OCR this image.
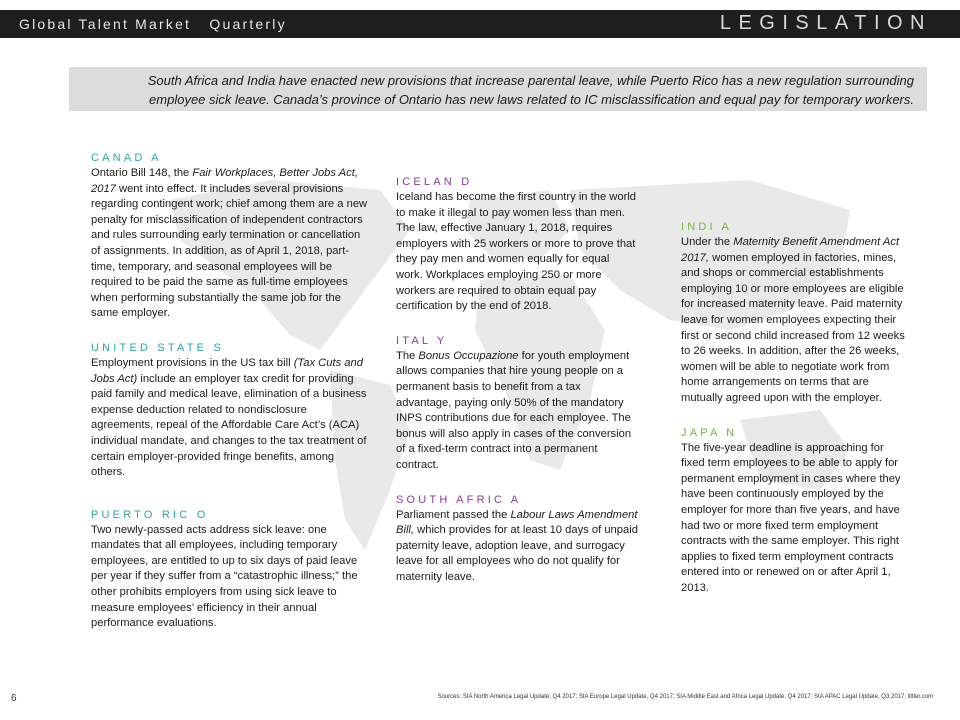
Global Talent Market   Quarterly	LEGISLATION

South Africa and India have enacted new provisions that increase parental leave, while Puerto Rico has a new regulation surrounding employee sick leave. Canada’s province of Ontario has new laws related to IC misclassification and equal pay for temporary workers.

CANAD A

Ontario Bill 148, the Fair Workplaces, Better Jobs Act, 2017 went into effect. It includes several provisions regarding contingent work; chief among them are a new penalty for misclassification of independent contractors and rules surrounding early termination or cancellation of assignments. In addition, as of April 1, 2018, part-time, temporary, and seasonal employees will be required to be paid the same as full-time employees when performing substantially the same job for the same employer.

UNITED STATE S

Employment provisions in the US tax bill (Tax Cuts and Jobs Act) include an employer tax credit for providing paid family and medical leave, elimination of a business expense deduction related to nondisclosure agreements, repeal of the Affordable Care Act’s (ACA) individual mandate, and changes to the tax treatment of certain employer-provided fringe benefits, among others.

PUERTO RIC O

Two newly-passed acts address sick leave: one mandates that all employees, including temporary employees, are entitled to up to six days of paid leave per year if they suffer from a “catastrophic illness;” the other prohibits employers from using sick leave to measure employees’ efficiency in their annual performance evaluations.

ICELAN D

Iceland has become the first country in the world to make it illegal to pay women less than men. The law, effective January 1, 2018, requires employers with 25 workers or more to prove that they pay men and women equally for equal work. Workplaces employing 250 or more workers are required to obtain equal pay certification by the end of 2018.

ITAL Y

The Bonus Occupazione for youth employment allows companies that hire young people on a permanent basis to benefit from a tax advantage, paying only 50% of the mandatory INPS contributions due for each employee. The bonus will also apply in cases of the conversion of a fixed-term contract into a permanent contract.

SOUTH AFRIC A

Parliament passed the Labour Laws Amendment Bill, which provides for at least 10 days of unpaid paternity leave, adoption leave, and surrogacy leave for all employees who do not qualify for maternity leave.

INDI A

Under the Maternity Benefit Amendment Act 2017, women employed in factories, mines, and shops or commercial establishments employing 10 or more employees are eligible for increased maternity leave. Paid maternity leave for women employees expecting their first or second child increased from 12 weeks to 26 weeks. In addition, after the 26 weeks, women will be able to negotiate work from home arrangements on terms that are mutually agreed upon with the employer.

JAPA N

The five-year deadline is approaching for fixed term employees to be able to apply for permanent employment in cases where they have been continuously employed by the employer for more than five years, and have had two or more fixed term employment contracts with the same employer. This right applies to fixed term employment contracts entered into or renewed on or after April 1, 2013.

6	Sources: SIA North America Legal Update, Q4 2017; SIA Europe Legal Update, Q4 2017; SIA Middle East and Africa Legal Update, Q4 2017; SIA APAC Legal Update, Q3 2017; littler.com
